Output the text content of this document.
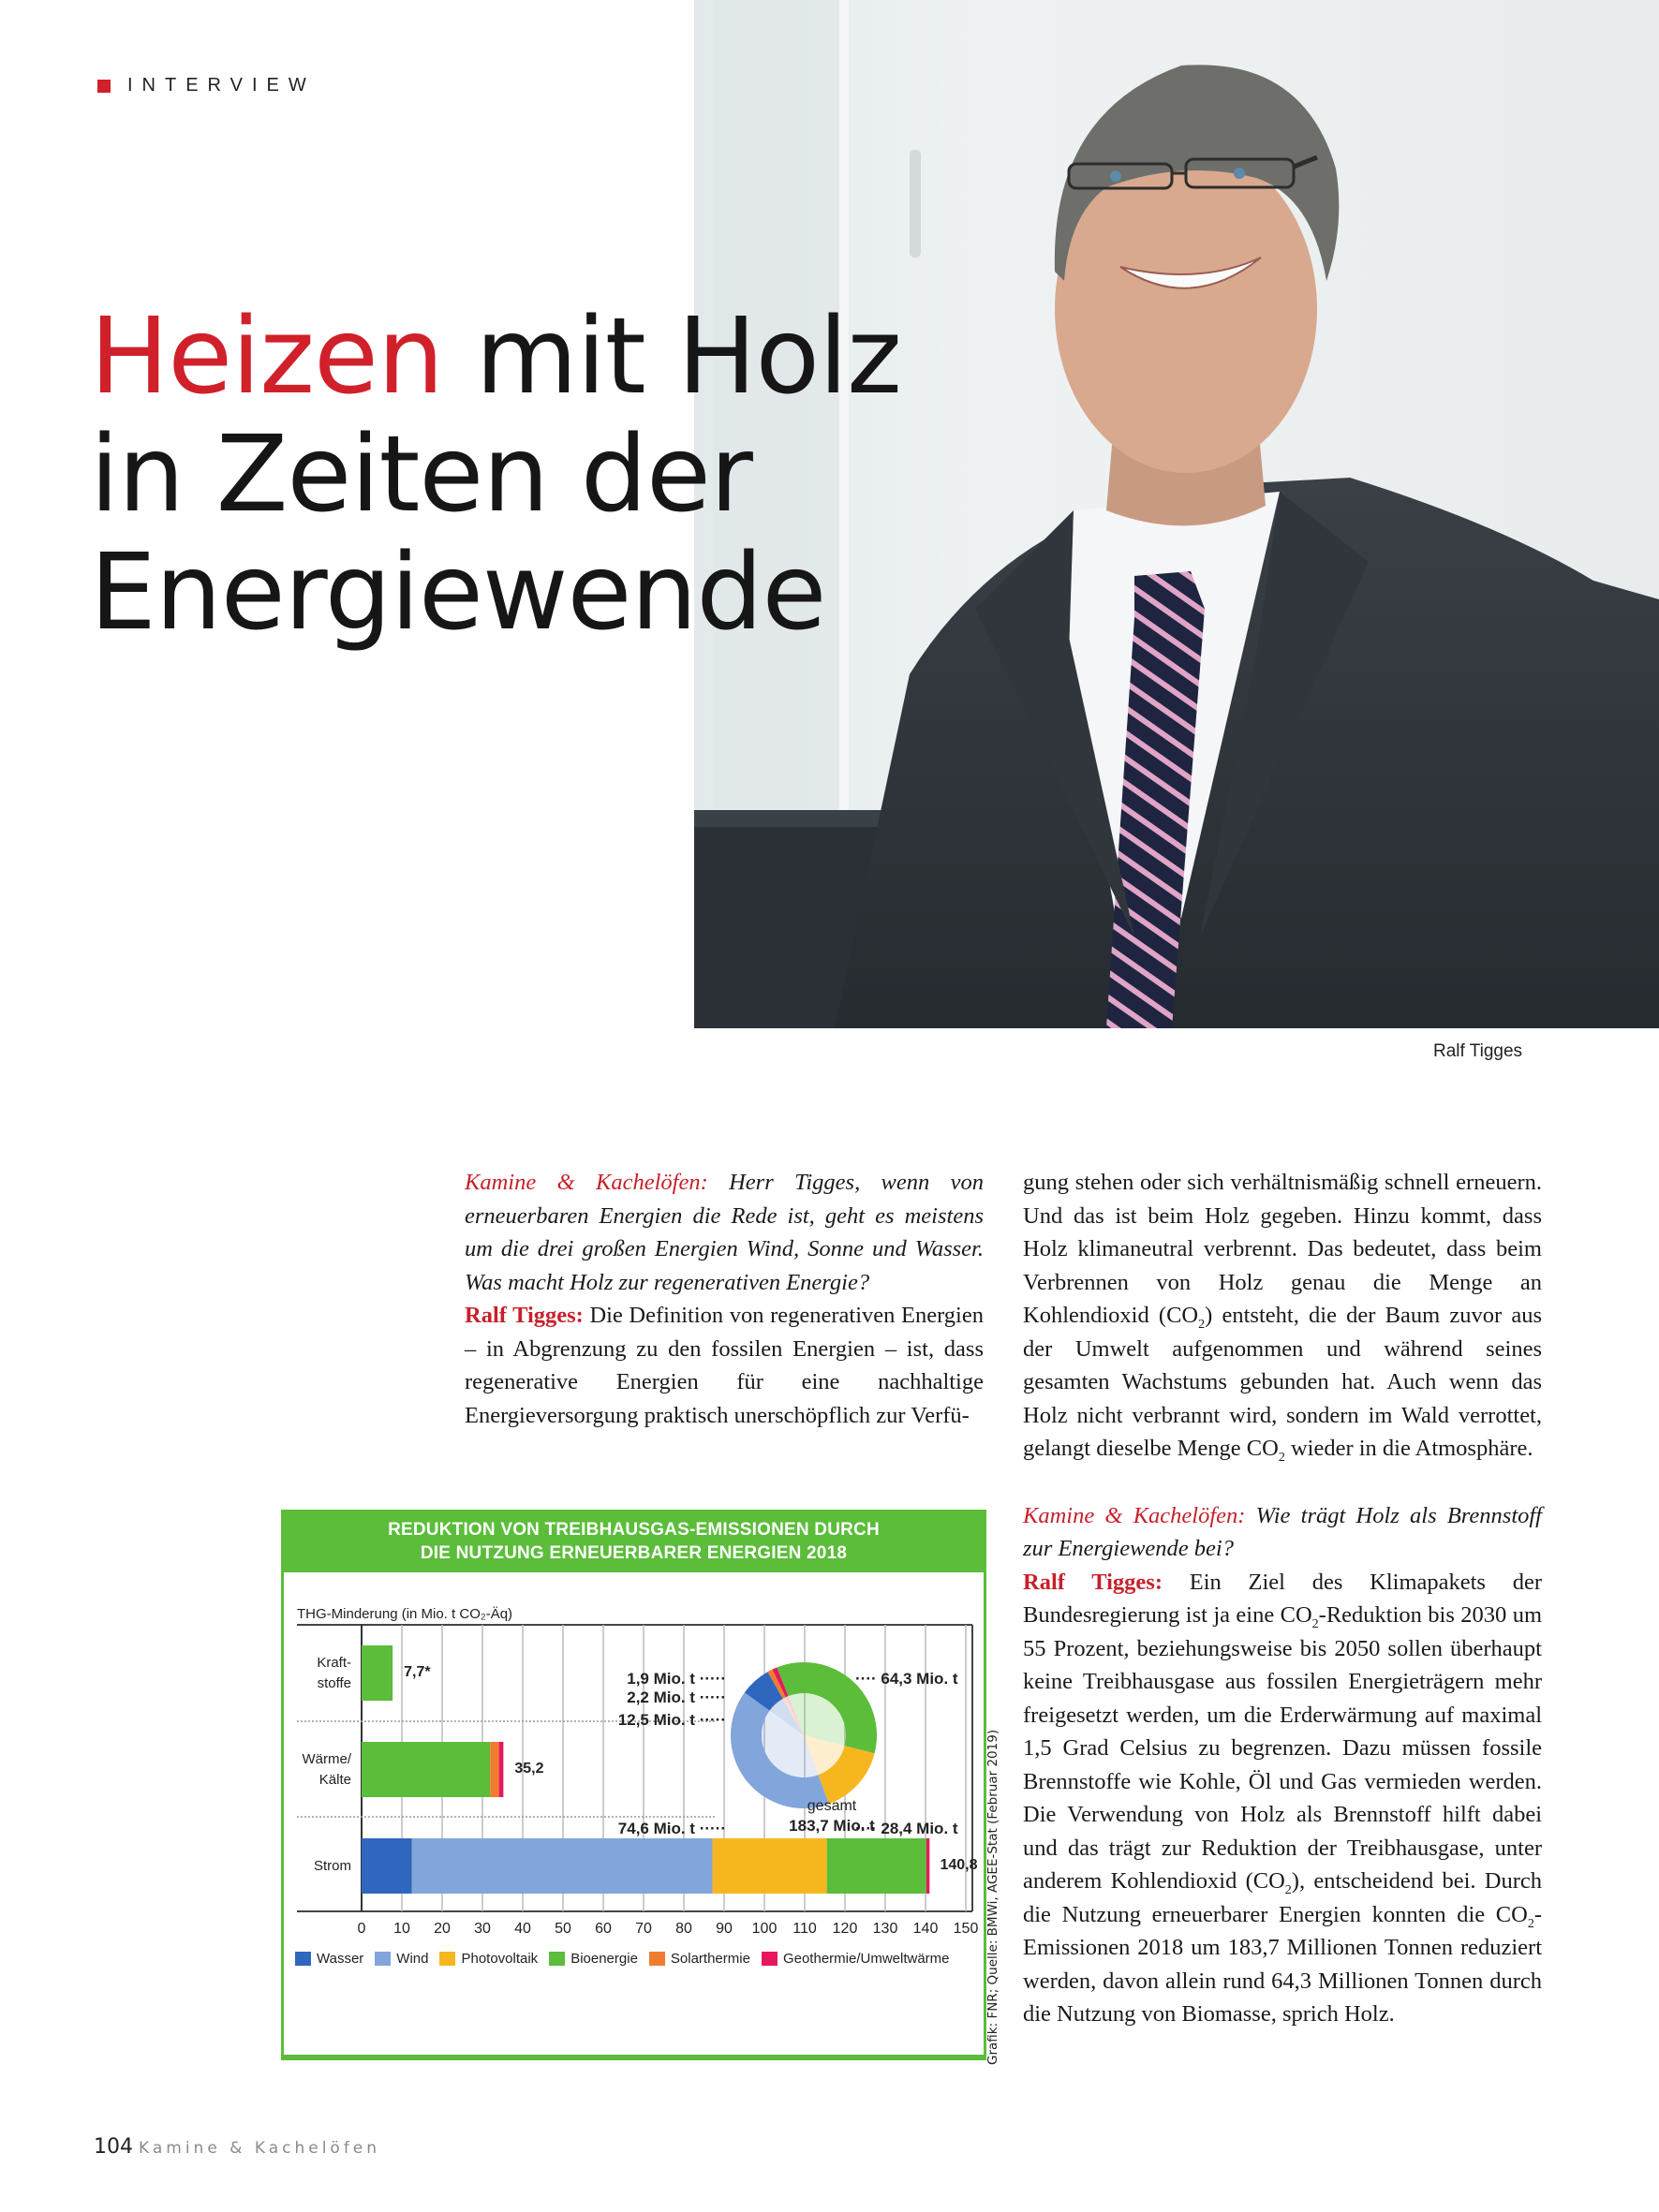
INTERVIEW
Heizen mit Holz
in Zeiten der
Energiewende
Ralf Tigges

Kamine & Kachelöfen: Herr Tigges, wenn von erneuerbaren Energien die Rede ist, geht es meistens um die drei großen Energien Wind, Sonne und Wasser. Was macht Holz zur regenerativen Energie?

Ralf Tigges: Die Definition von regenerativen Energien – in Abgrenzung zu den fossilen Energien – ist, dass regenerative Energien für eine nachhaltige Energieversorgung praktisch unerschöpflich zur Verfü-

gung stehen oder sich verhältnismäßig schnell erneuern. Und das ist beim Holz gegeben. Hinzu kommt, dass Holz klimaneutral verbrennt. Das bedeutet, dass beim Verbrennen von Holz genau die Menge an Kohlendioxid $(CO_2)$ entsteht, die der Baum zuvor aus der Umwelt aufgenommen und während seines gesamten Wachstums gebunden hat. Auch wenn das Holz nicht verbrannt wird, sondern im Wald verrottet, gelangt dieselbe Menge $CO_2$ wieder in die Atmosphäre.

Kamine & Kachelöfen: Wie trägt Holz als Brennstoff zur Energiewende bei?

Ralf Tigges: Ein Ziel des Klimapakets der Bundesregierung ist ja eine $CO_2$-Reduktion bis 2030 um 55 Prozent, beziehungsweise bis 2050 sollen überhaupt keine Treibhausgase aus fossilen Energieträgern mehr freigesetzt werden, um die Erderwärmung auf maximal 1,5 Grad Celsius zu begrenzen. Dazu müssen fossile Brennstoffe wie Kohle, Öl und Gas vermieden werden. Die Verwendung von Holz als Brennstoff hilft dabei und das trägt zur Reduktion der Treibhausgase, unter anderem Kohlendioxid $(CO_2)$, entscheidend bei. Durch die Nutzung erneuerbarer Energien konnten die $CO_2$-Emissionen 2018 um 183,7 Millionen Tonnen reduziert werden, davon allein rund 64,3 Millionen Tonnen durch die Nutzung von Biomasse, sprich Holz.

REDUKTION VON TREIBHAUSGAS-EMISSIONEN DURCH
DIE NUTZUNG ERNEUERBARER ENERGIEN 2018
THG-Minderung (in Mio. t CO₂-Äq)
0	10	20	30	40	50	60	70	80	90	100	110	120	130	140	150
Kraft-
stoffe
7,7*
Wärme/
Kälte
35,2
Strom	140,8
···· 64,3 Mio. t
···· 28,4 Mio. t
74,6 Mio. t ·····
12,5 Mio. t ·····
2,2 Mio. t ·····
1,9 Mio. t ·····
gesamt
183,7 Mio. t
Wasser Wind Photovoltaik Bioenergie Solarthermie Geothermie/Umweltwärme	Grafik: FNR; Quelle: BMWi, AGEE-Stat (Februar 2019)
104 Kamine & Kachelöfen
